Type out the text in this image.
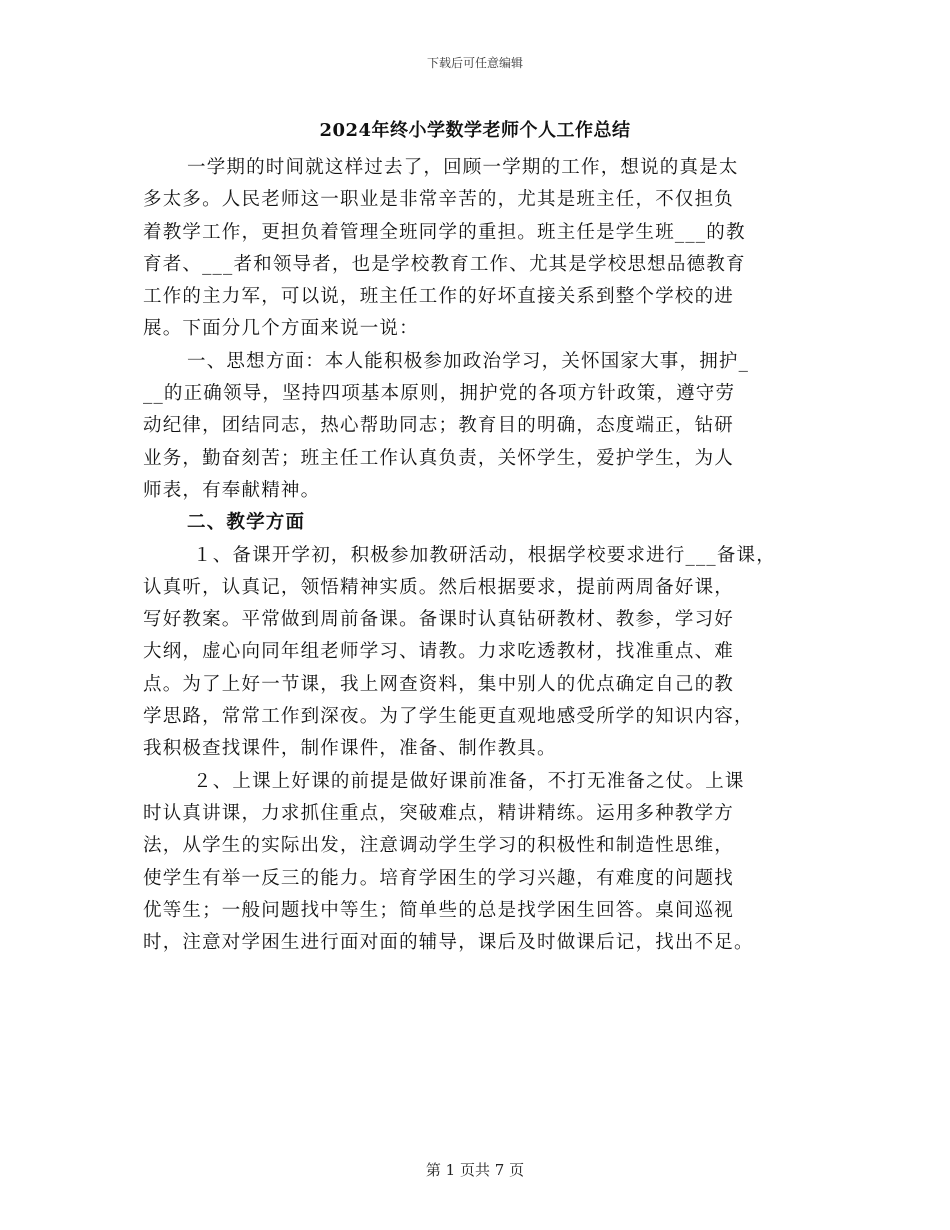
下载后可任意编辑
2024年终小学数学老师个人工作总结
一学期的时间就这样过去了，回顾一学期的工作，想说的真是太
多太多。人民老师这一职业是非常辛苦的，尤其是班主任，不仅担负
着教学工作，更担负着管理全班同学的重担。班主任是学生班___的教
育者、___者和领导者，也是学校教育工作、尤其是学校思想品德教育
工作的主力军，可以说，班主任工作的好坏直接关系到整个学校的进
展。下面分几个方面来说一说：
一、思想方面：本人能积极参加政治学习，关怀国家大事，拥护_
__的正确领导，坚持四项基本原则，拥护党的各项方针政策，遵守劳
动纪律，团结同志，热心帮助同志；教育目的明确，态度端正，钻研
业务，勤奋刻苦；班主任工作认真负责，关怀学生，爱护学生，为人
师表，有奉献精神。
二、教学方面
１、备课开学初，积极参加教研活动，根据学校要求进行___备课，
认真听，认真记，领悟精神实质。然后根据要求，提前两周备好课，
写好教案。平常做到周前备课。备课时认真钻研教材、教参，学习好
大纲，虚心向同年组老师学习、请教。力求吃透教材，找准重点、难
点。为了上好一节课，我上网查资料，集中别人的优点确定自己的教
学思路，常常工作到深夜。为了学生能更直观地感受所学的知识内容，
我积极查找课件，制作课件，准备、制作教具。
２、上课上好课的前提是做好课前准备，不打无准备之仗。上课
时认真讲课，力求抓住重点，突破难点，精讲精练。运用多种教学方
法，从学生的实际出发，注意调动学生学习的积极性和制造性思维，
使学生有举一反三的能力。培育学困生的学习兴趣，有难度的问题找
优等生；一般问题找中等生；简单些的总是找学困生回答。桌间巡视
时，注意对学困生进行面对面的辅导，课后及时做课后记，找出不足。
第 1 页共 7 页
